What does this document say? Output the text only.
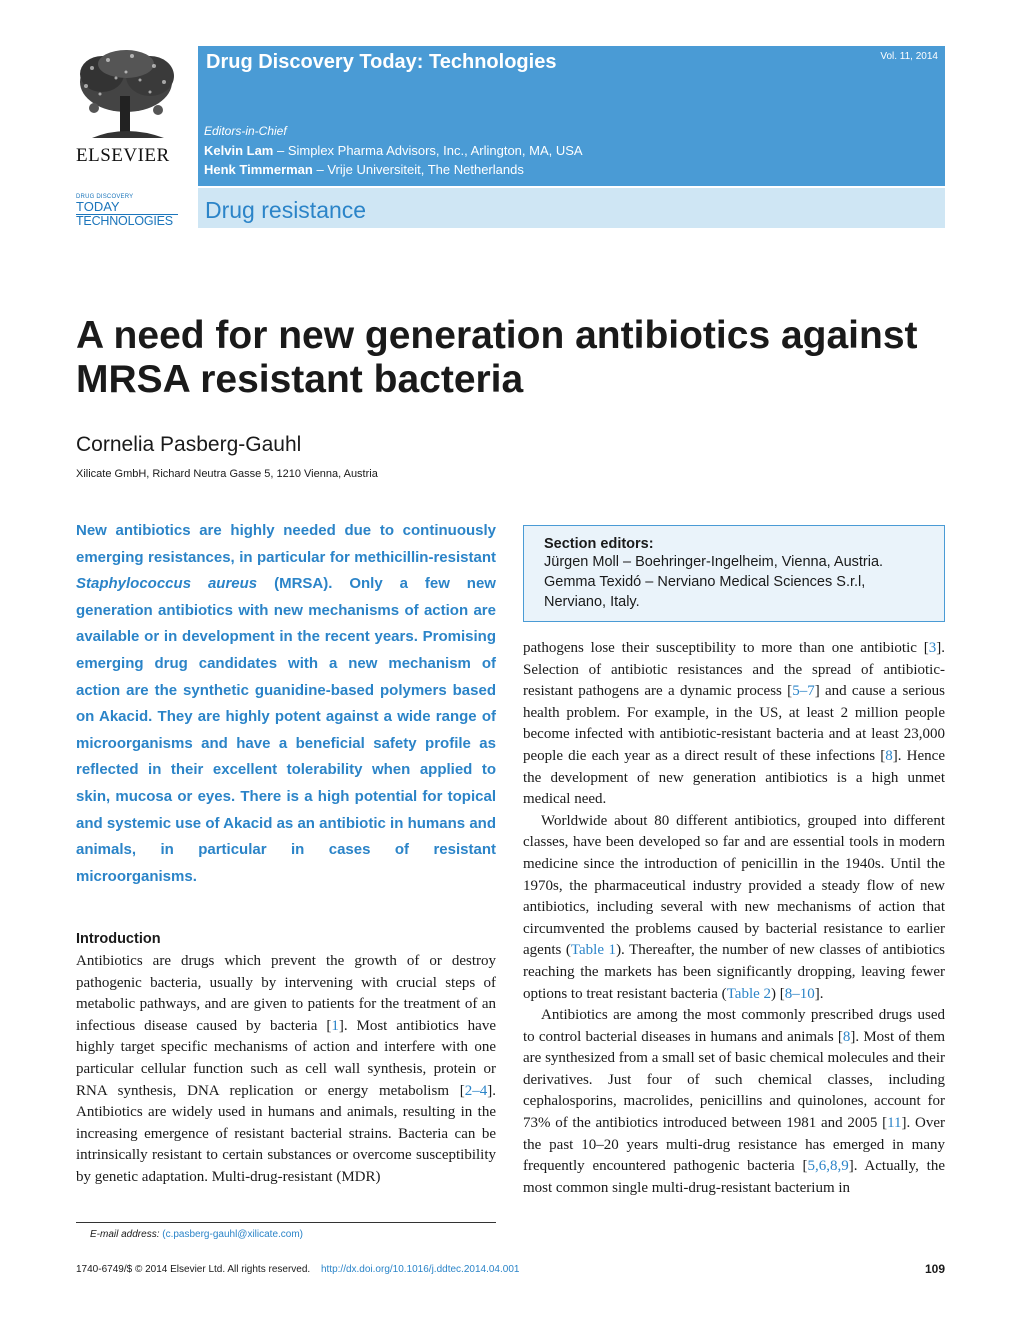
ELSEVIER
DRUG DISCOVERY
TODAY
TECHNOLOGIES
Drug Discovery Today: Technologies	Vol. 11, 2014
Editors-in-Chief
Kelvin Lam – Simplex Pharma Advisors, Inc., Arlington, MA, USA
Henk Timmerman – Vrije Universiteit, The Netherlands
Drug resistance
A need for new generation antibiotics against MRSA resistant bacteria
Cornelia Pasberg-Gauhl
Xilicate GmbH, Richard Neutra Gasse 5, 1210 Vienna, Austria

New antibiotics are highly needed due to continuously emerging resistances, in particular for methicillin-resistant Staphylococcus aureus (MRSA). Only a few new generation antibiotics with new mechanisms of action are available or in development in the recent years. Promising emerging drug candidates with a new mechanism of action are the synthetic guanidine-based polymers based on Akacid. They are highly potent against a wide range of microorganisms and have a beneficial safety profile as reflected in their excellent tolerability when applied to skin, mucosa or eyes. There is a high potential for topical and systemic use of Akacid as an antibiotic in humans and animals, in particular in cases of resistant microorganisms.

Introduction

Antibiotics are drugs which prevent the growth of or destroy pathogenic bacteria, usually by intervening with crucial steps of metabolic pathways, and are given to patients for the treatment of an infectious disease caused by bacteria [1]. Most antibiotics have highly target specific mechanisms of action and interfere with one particular cellular function such as cell wall synthesis, protein or RNA synthesis, DNA replication or energy metabolism [2–4]. Antibiotics are widely used in humans and animals, resulting in the increasing emergence of resistant bacterial strains. Bacteria can be intrinsically resistant to certain substances or overcome susceptibility by genetic adaptation. Multi-drug-resistant (MDR)

E-mail address: (c.pasberg-gauhl@xilicate.com)
Section editors:
Jürgen Moll – Boehringer-Ingelheim, Vienna, Austria.
Gemma Texidó – Nerviano Medical Sciences S.r.l,
Nerviano, Italy.

pathogens lose their susceptibility to more than one antibiotic [3]. Selection of antibiotic resistances and the spread of antibiotic-resistant pathogens are a dynamic process [5–7] and cause a serious health problem. For example, in the US, at least 2 million people become infected with antibiotic-resistant bacteria and at least 23,000 people die each year as a direct result of these infections [8]. Hence the development of new generation antibiotics is a high unmet medical need.

Worldwide about 80 different antibiotics, grouped into different classes, have been developed so far and are essential tools in modern medicine since the introduction of penicillin in the 1940s. Until the 1970s, the pharmaceutical industry provided a steady flow of new antibiotics, including several with new mechanisms of action that circumvented the problems caused by bacterial resistance to earlier agents (Table 1). Thereafter, the number of new classes of antibiotics reaching the markets has been significantly dropping, leaving fewer options to treat resistant bacteria (Table 2) [8–10].

Antibiotics are among the most commonly prescribed drugs used to control bacterial diseases in humans and animals [8]. Most of them are synthesized from a small set of basic chemical molecules and their derivatives. Just four of such chemical classes, including cephalosporins, macrolides, penicillins and quinolones, account for 73% of the antibiotics introduced between 1981 and 2005 [11]. Over the past 10–20 years multi-drug resistance has emerged in many frequently encountered pathogenic bacteria [5,6,8,9]. Actually, the most common single multi-drug-resistant bacterium in

1740-6749/$ © 2014 Elsevier Ltd. All rights reserved. http://dx.doi.org/10.1016/j.ddtec.2014.04.001	109
